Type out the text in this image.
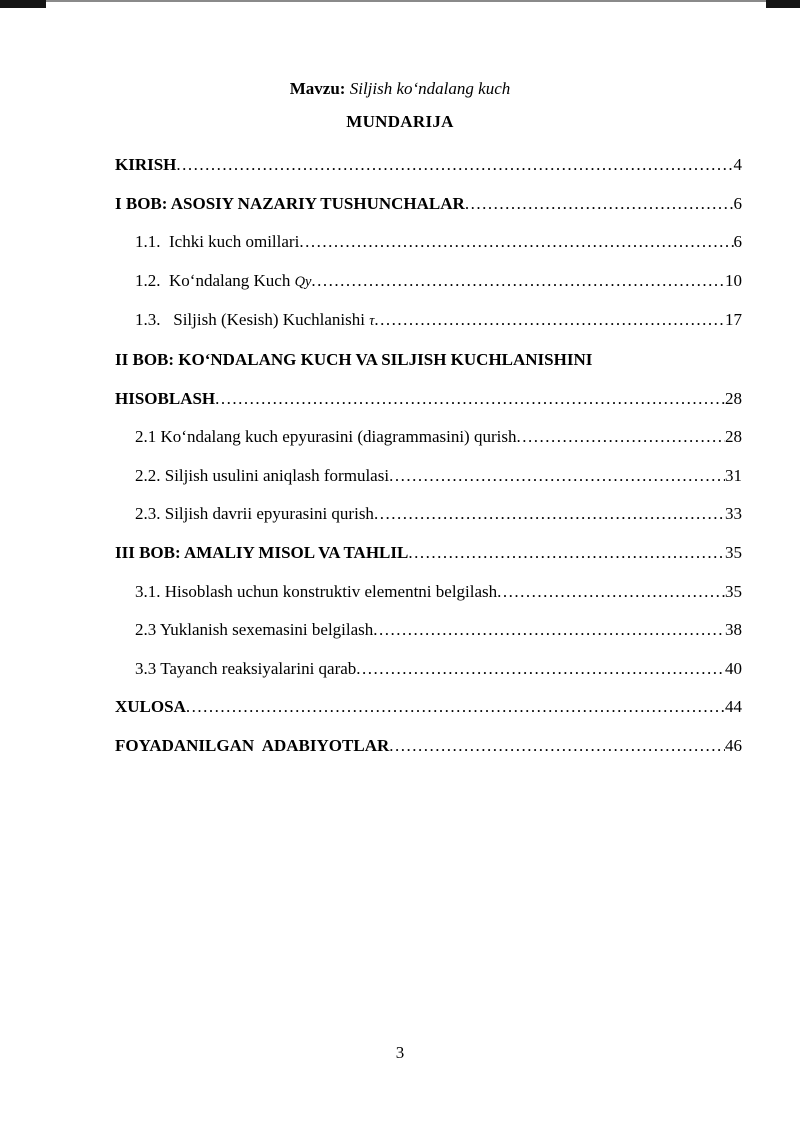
Mavzu: Siljish ko‘ndalang kuch
MUNDARIJA
KIRISH .....	4
I BOB: ASOSIY NAZARIY TUSHUNCHALAR .....	6
1.1.  Ichki kuch omillari .....	6
1.2.  Ko‘ndalang Kuch Qy .....	10
1.3.   Siljish (Kesish) Kuchlanishi τ .....	17
II BOB: KO‘NDALANG KUCH VA SILJISH KUCHLANISHINI
HISOBLASH .....	28
2.1 Ko‘ndalang kuch epyurasini (diagrammasini) qurish .....	28
2.2. Siljish usulini aniqlash formulasi .....	31
2.3. Siljish davrii epyurasini qurish .....	33
III BOB: AMALIY MISOL VA TAHLIL .....	35
3.1. Hisoblash uchun konstruktiv elementni belgilash .....	35
2.3 Yuklanish sexemasini belgilash .....	38
3.3 Tayanch reaksiyalarini qarab .....	40
XULOSA .....	44
FOYADANILGAN  ADABIYOTLAR .....	46
3
